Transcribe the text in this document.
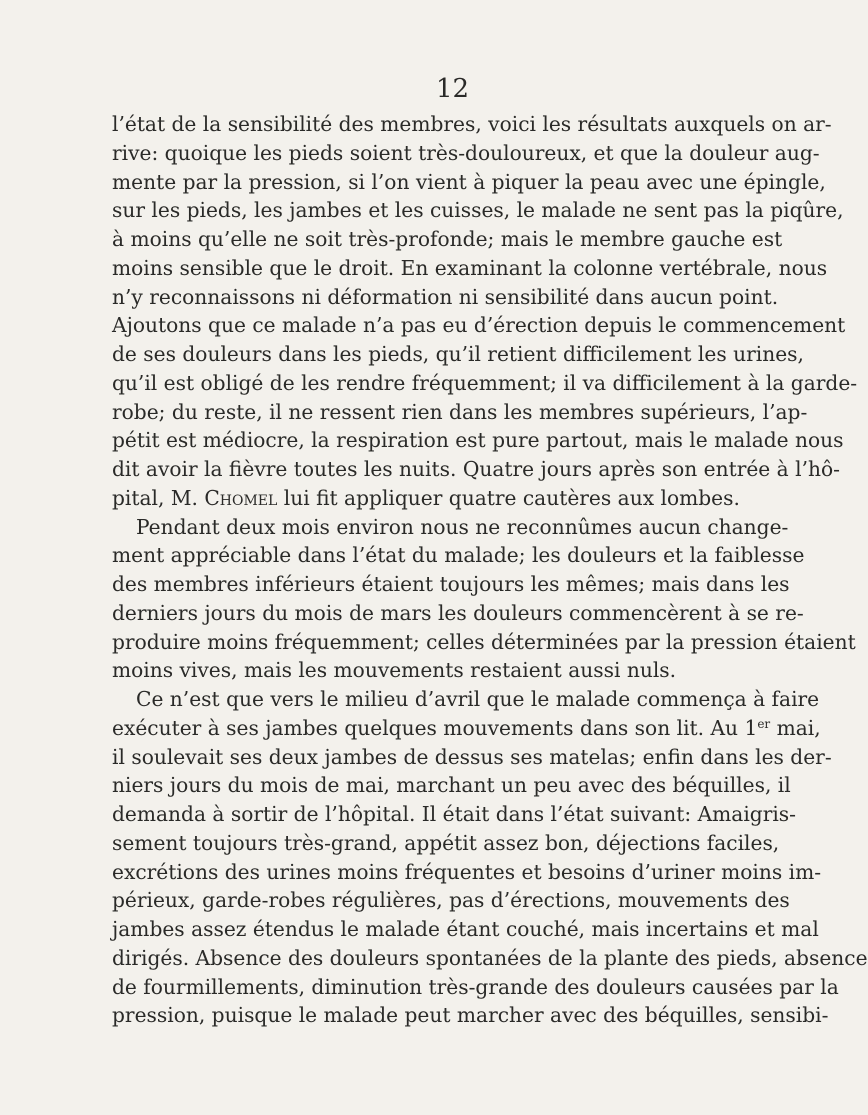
12
l’état de la sensibilité des membres, voici les résultats auxquels on ar-
rive: quoique les pieds soient très-douloureux, et que la douleur aug-
mente par la pression, si l’on vient à piquer la peau avec une épingle,
sur les pieds, les jambes et les cuisses, le malade ne sent pas la piqûre,
à moins qu’elle ne soit très-profonde; mais le membre gauche est
moins sensible que le droit. En examinant la colonne vertébrale, nous
n’y reconnaissons ni déformation ni sensibilité dans aucun point.
Ajoutons que ce malade n’a pas eu d’érection depuis le commencement
de ses douleurs dans les pieds, qu’il retient difficilement les urines,
qu’il est obligé de les rendre fréquemment; il va difficilement à la garde-
robe; du reste, il ne ressent rien dans les membres supérieurs, l’ap-
pétit est médiocre, la respiration est pure partout, mais le malade nous
dit avoir la fièvre toutes les nuits. Quatre jours après son entrée à l’hô-
pital, M. Chomel lui fit appliquer quatre cautères aux lombes.
Pendant deux mois environ nous ne reconnûmes aucun change-
ment appréciable dans l’état du malade; les douleurs et la faiblesse
des membres inférieurs étaient toujours les mêmes; mais dans les
derniers jours du mois de mars les douleurs commencèrent à se re-
produire moins fréquemment; celles déterminées par la pression étaient
moins vives, mais les mouvements restaient aussi nuls.
Ce n’est que vers le milieu d’avril que le malade commença à faire
exécuter à ses jambes quelques mouvements dans son lit. Au 1er mai,
il soulevait ses deux jambes de dessus ses matelas; enfin dans les der-
niers jours du mois de mai, marchant un peu avec des béquilles, il
demanda à sortir de l’hôpital. Il était dans l’état suivant: Amaigris-
sement toujours très-grand, appétit assez bon, déjections faciles,
excrétions des urines moins fréquentes et besoins d’uriner moins im-
périeux, garde-robes régulières, pas d’érections, mouvements des
jambes assez étendus le malade étant couché, mais incertains et mal
dirigés. Absence des douleurs spontanées de la plante des pieds, absence
de fourmillements, diminution très-grande des douleurs causées par la
pression, puisque le malade peut marcher avec des béquilles, sensibi-
